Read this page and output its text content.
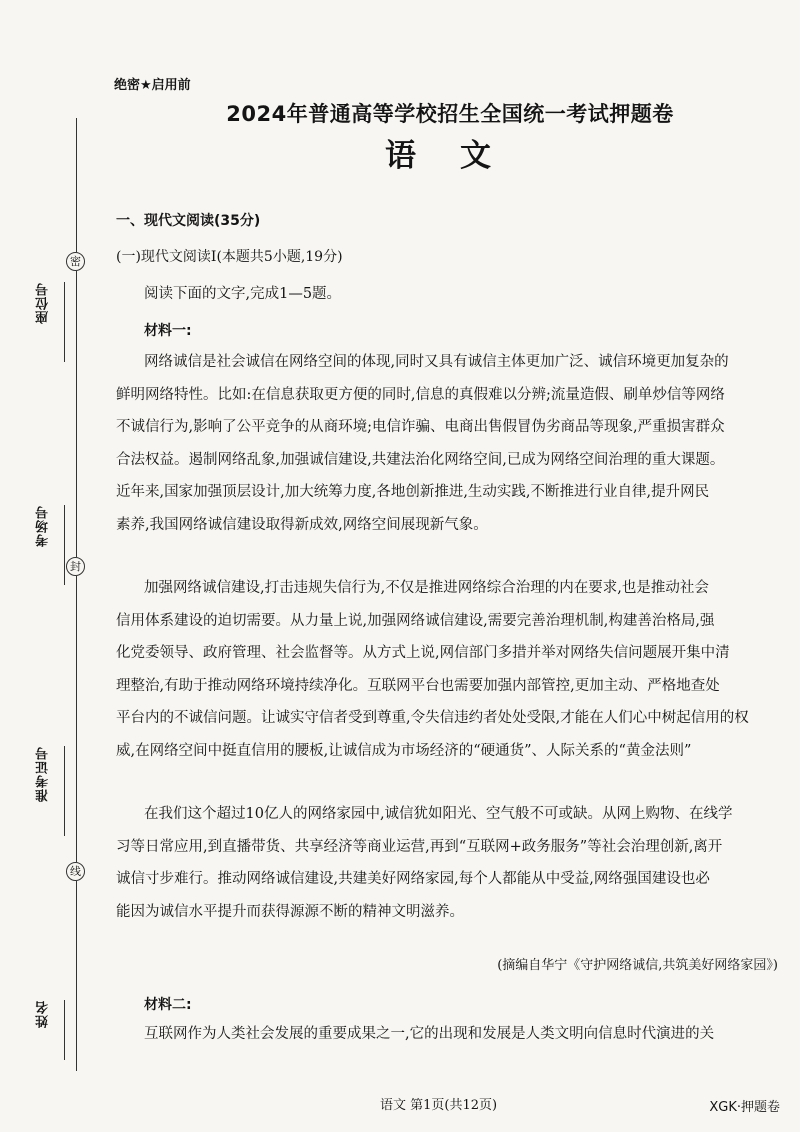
密
封
线
座位号
考场号
准考证号
姓名
绝密★启用前
2024年普通高等学校招生全国统一考试押题卷
语文
一、现代文阅读(35分)
(一)现代文阅读Ⅰ(本题共5小题,19分)
阅读下面的文字,完成1—5题。
材料一:
网络诚信是社会诚信在网络空间的体现,同时又具有诚信主体更加广泛、诚信环境更加复杂的
鲜明网络特性。比如:在信息获取更方便的同时,信息的真假难以分辨;流量造假、刷单炒信等网络
不诚信行为,影响了公平竞争的从商环境;电信诈骗、电商出售假冒伪劣商品等现象,严重损害群众
合法权益。遏制网络乱象,加强诚信建设,共建法治化网络空间,已成为网络空间治理的重大课题。
近年来,国家加强顶层设计,加大统筹力度,各地创新推进,生动实践,不断推进行业自律,提升网民
素养,我国网络诚信建设取得新成效,网络空间展现新气象。
加强网络诚信建设,打击违规失信行为,不仅是推进网络综合治理的内在要求,也是推动社会
信用体系建设的迫切需要。从力量上说,加强网络诚信建设,需要完善治理机制,构建善治格局,强
化党委领导、政府管理、社会监督等。从方式上说,网信部门多措并举对网络失信问题展开集中清
理整治,有助于推动网络环境持续净化。互联网平台也需要加强内部管控,更加主动、严格地查处
平台内的不诚信问题。让诚实守信者受到尊重,令失信违约者处处受限,才能在人们心中树起信用的权
威,在网络空间中挺直信用的腰板,让诚信成为市场经济的“硬通货”、人际关系的“黄金法则”
在我们这个超过10亿人的网络家园中,诚信犹如阳光、空气般不可或缺。从网上购物、在线学
习等日常应用,到直播带货、共享经济等商业运营,再到“互联网+政务服务”等社会治理创新,离开
诚信寸步难行。推动网络诚信建设,共建美好网络家园,每个人都能从中受益,网络强国建设也必
能因为诚信水平提升而获得源源不断的精神文明滋养。
(摘编自华宁《守护网络诚信,共筑美好网络家园》)
材料二:
互联网作为人类社会发展的重要成果之一,它的出现和发展是人类文明向信息时代演进的关
语文 第1页(共12页)	XGK·押题卷
